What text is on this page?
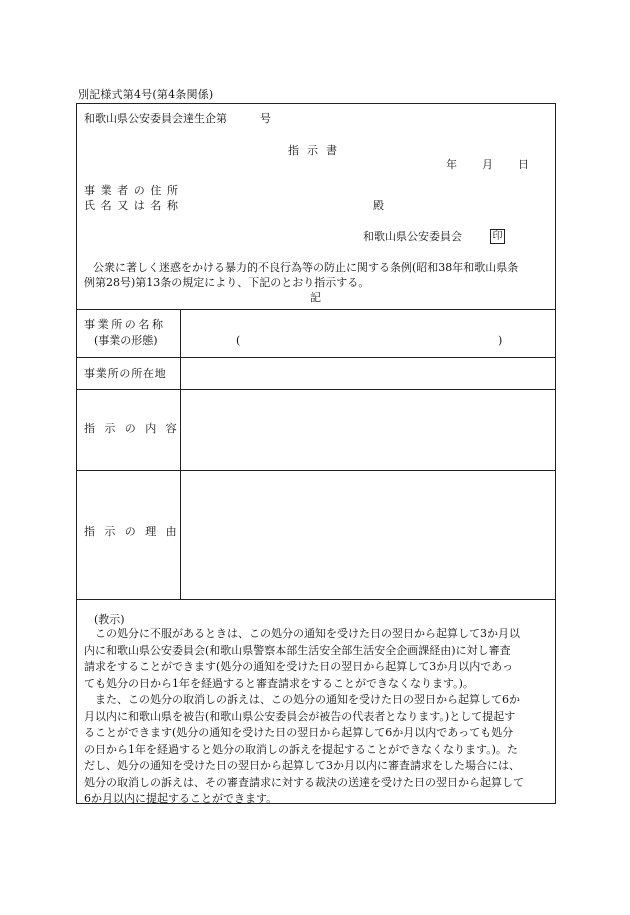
別記様式第4号(第4条関係)
和歌山県公安委員会達生企第　　　号
指示書
年　　月　　日
事業者の住所
氏名又は名称	殿
和歌山県公安委員会	印
公衆に著しく迷惑をかける暴力的不良行為等の防止に関する条例(昭和38年和歌山県条
例第28号)第13条の規定により、下記のとおり指示する。
記
事業所の名称
(事業の形態)	(	)
事業所の所在地
指示の内容
指示の理由
(教示)
　この処分に不服があるときは、この処分の通知を受けた日の翌日から起算して3か月以
内に和歌山県公安委員会(和歌山県警察本部生活安全部生活安全企画課経由)に対し審査
請求をすることができます(処分の通知を受けた日の翌日から起算して3か月以内であっ
ても処分の日から1年を経過すると審査請求をすることができなくなります。)。
　また、この処分の取消しの訴えは、この処分の通知を受けた日の翌日から起算して6か
月以内に和歌山県を被告(和歌山県公安委員会が被告の代表者となります。)として提起す
ることができます(処分の通知を受けた日の翌日から起算して6か月以内であっても処分
の日から1年を経過すると処分の取消しの訴えを提起することができなくなります。)。た
だし、処分の通知を受けた日の翌日から起算して3か月以内に審査請求をした場合には、
処分の取消しの訴えは、その審査請求に対する裁決の送達を受けた日の翌日から起算して
6か月以内に提起することができます。
